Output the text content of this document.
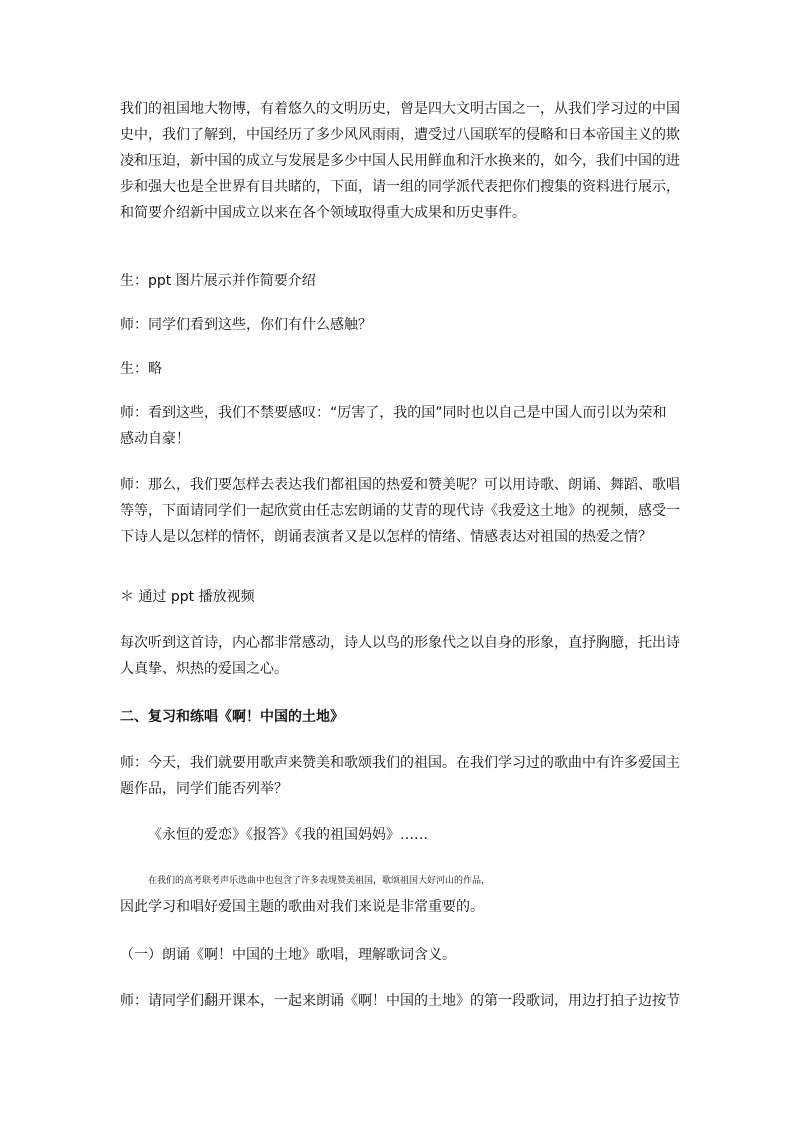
我们的祖国地大物博，有着悠久的文明历史，曾是四大文明古国之一，从我们学习过的中国
史中，我们了解到，中国经历了多少风风雨雨，遭受过八国联军的侵略和日本帝国主义的欺
凌和压迫，新中国的成立与发展是多少中国人民用鲜血和汗水换来的，如今，我们中国的进
步和强大也是全世界有目共睹的，下面，请一组的同学派代表把你们搜集的资料进行展示，
和简要介绍新中国成立以来在各个领域取得重大成果和历史事件。
生：ppt 图片展示并作简要介绍
师：同学们看到这些，你们有什么感触？
生：略
师：看到这些，我们不禁要感叹：“厉害了，我的国”同时也以自己是中国人而引以为荣和
感动自豪！
师：那么，我们要怎样去表达我们都祖国的热爱和赞美呢？可以用诗歌、朗诵、舞蹈、歌唱
等等，下面请同学们一起欣赏由任志宏朗诵的艾青的现代诗《我爱这土地》的视频，感受一
下诗人是以怎样的情怀，朗诵表演者又是以怎样的情绪、情感表达对祖国的热爱之情？
＊ 通过 ppt 播放视频
每次听到这首诗，内心都非常感动，诗人以鸟的形象代之以自身的形象，直抒胸臆，托出诗
人真挚、炽热的爱国之心。
二、复习和练唱《啊！中国的土地》
师：今天，我们就要用歌声来赞美和歌颂我们的祖国。在我们学习过的歌曲中有许多爱国主
题作品，同学们能否列举？
《永恒的爱恋》《报答》《我的祖国妈妈》……
在我们的高考联考声乐选曲中也包含了许多表现赞美祖国，歌颂祖国大好河山的作品，
因此学习和唱好爱国主题的歌曲对我们来说是非常重要的。
（一）朗诵《啊！中国的土地》歌唱，理解歌词含义。
师：请同学们翻开课本，一起来朗诵《啊！中国的土地》的第一段歌词，用边打拍子边按节
